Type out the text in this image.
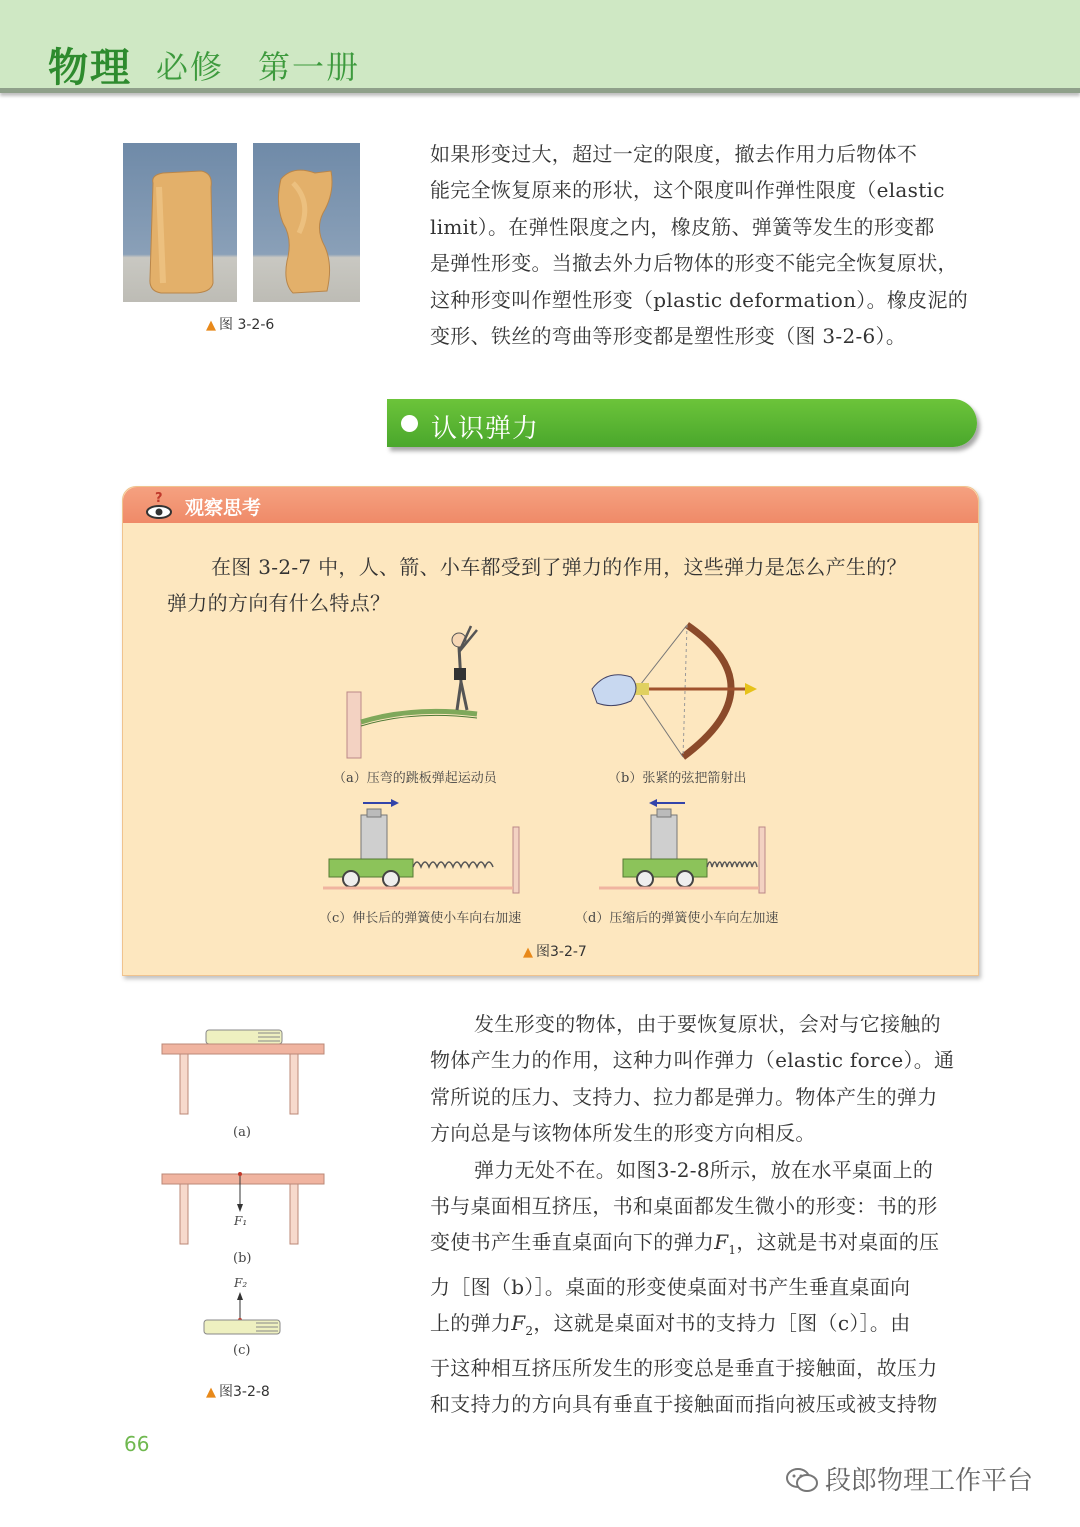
物理 必修　第一册
▲ 图 3-2-6
如果形变过大，超过一定的限度，撤去作用力后物体不
能完全恢复原来的形状，这个限度叫作弹性限度（elastic
limit）。在弹性限度之内，橡皮筋、弹簧等发生的形变都
是弹性形变。当撤去外力后物体的形变不能完全恢复原状，
这种形变叫作塑性形变（plastic deformation）。橡皮泥的
变形、铁丝的弯曲等形变都是塑性形变（图 3-2-6）。
认识弹力
? 观察思考
在图 3-2-7 中，人、箭、小车都受到了弹力的作用，这些弹力是怎么产生的？
弹力的方向有什么特点？
（a）压弯的跳板弹起运动员	（b）张紧的弦把箭射出
（c）伸长后的弹簧使小车向右加速	（d）压缩后的弹簧使小车向左加速
▲ 图3-2-7
(a)
F₁
(b)
F₂
(c)
▲ 图3-2-8
发生形变的物体，由于要恢复原状，会对与它接触的
物体产生力的作用，这种力叫作弹力（elastic force）。通
常所说的压力、支持力、拉力都是弹力。物体产生的弹力
方向总是与该物体所发生的形变方向相反。
弹力无处不在。如图3-2-8所示，放在水平桌面上的
书与桌面相互挤压，书和桌面都发生微小的形变：书的形
变使书产生垂直桌面向下的弹力$F_1$，这就是书对桌面的压
力［图（b）］。桌面的形变使桌面对书产生垂直桌面向
上的弹力$F_2$，这就是桌面对书的支持力［图（c）］。由
于这种相互挤压所发生的形变总是垂直于接触面，故压力
和支持力的方向具有垂直于接触面而指向被压或被支持物
66
段郎物理工作平台
